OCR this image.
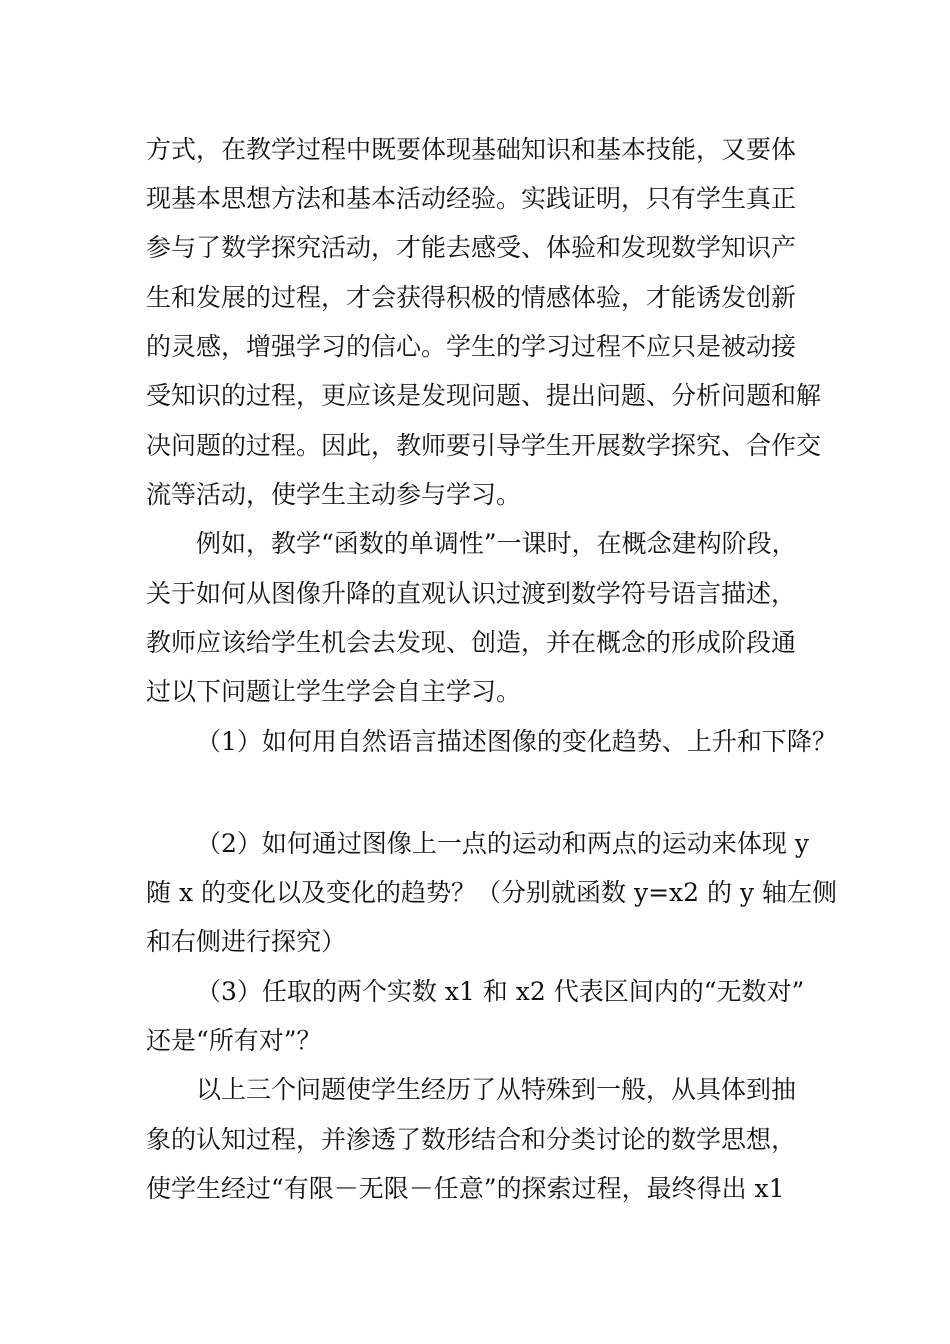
方式，在教学过程中既要体现基础知识和基本技能，又要体
现基本思想方法和基本活动经验。实践证明，只有学生真正
参与了数学探究活动，才能去感受、体验和发现数学知识产
生和发展的过程，才会获得积极的情感体验，才能诱发创新
的灵感，增强学习的信心。学生的学习过程不应只是被动接
受知识的过程，更应该是发现问题、提出问题、分析问题和解
决问题的过程。因此，教师要引导学生开展数学探究、合作交
流等活动，使学生主动参与学习。
例如，教学“函数的单调性”一课时，在概念建构阶段，
关于如何从图像升降的直观认识过渡到数学符号语言描述，
教师应该给学生机会去发现、创造，并在概念的形成阶段通
过以下问题让学生学会自主学习。
（1）如何用自然语言描述图像的变化趋势、上升和下降？
（2）如何通过图像上一点的运动和两点的运动来体现 y
随 x 的变化以及变化的趋势？（分别就函数 y=x2 的 y 轴左侧
和右侧进行探究）
（3）任取的两个实数 x1 和 x2 代表区间内的“无数对”
还是“所有对”？
以上三个问题使学生经历了从特殊到一般，从具体到抽
象的认知过程，并渗透了数形结合和分类讨论的数学思想，
使学生经过“有限－无限－任意”的探索过程，最终得出 x1
